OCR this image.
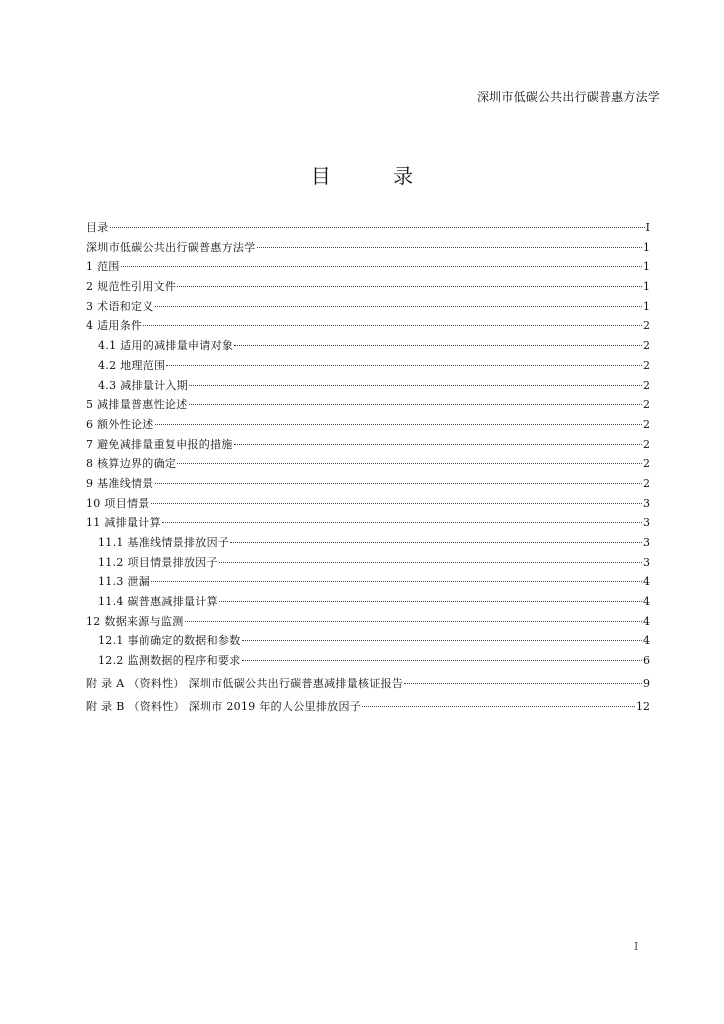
深圳市低碳公共出行碳普惠方法学
目 录
目录	I
深圳市低碳公共出行碳普惠方法学	1
1 范围	1
2 规范性引用文件	1
3 术语和定义	1
4 适用条件	2
4.1 适用的减排量申请对象	2
4.2 地理范围	2
4.3 减排量计入期	2
5 减排量普惠性论述	2
6 额外性论述	2
7 避免减排量重复申报的措施	2
8 核算边界的确定	2
9 基准线情景	2
10 项目情景	3
11 减排量计算	3
11.1 基准线情景排放因子	3
11.2 项目情景排放因子	3
11.3 泄漏	4
11.4 碳普惠减排量计算	4
12 数据来源与监测	4
12.1 事前确定的数据和参数	4
12.2 监测数据的程序和要求	6
附 录 A （资料性） 深圳市低碳公共出行碳普惠减排量核证报告	9
附 录 B （资料性） 深圳市 2019 年的人公里排放因子	12
I
